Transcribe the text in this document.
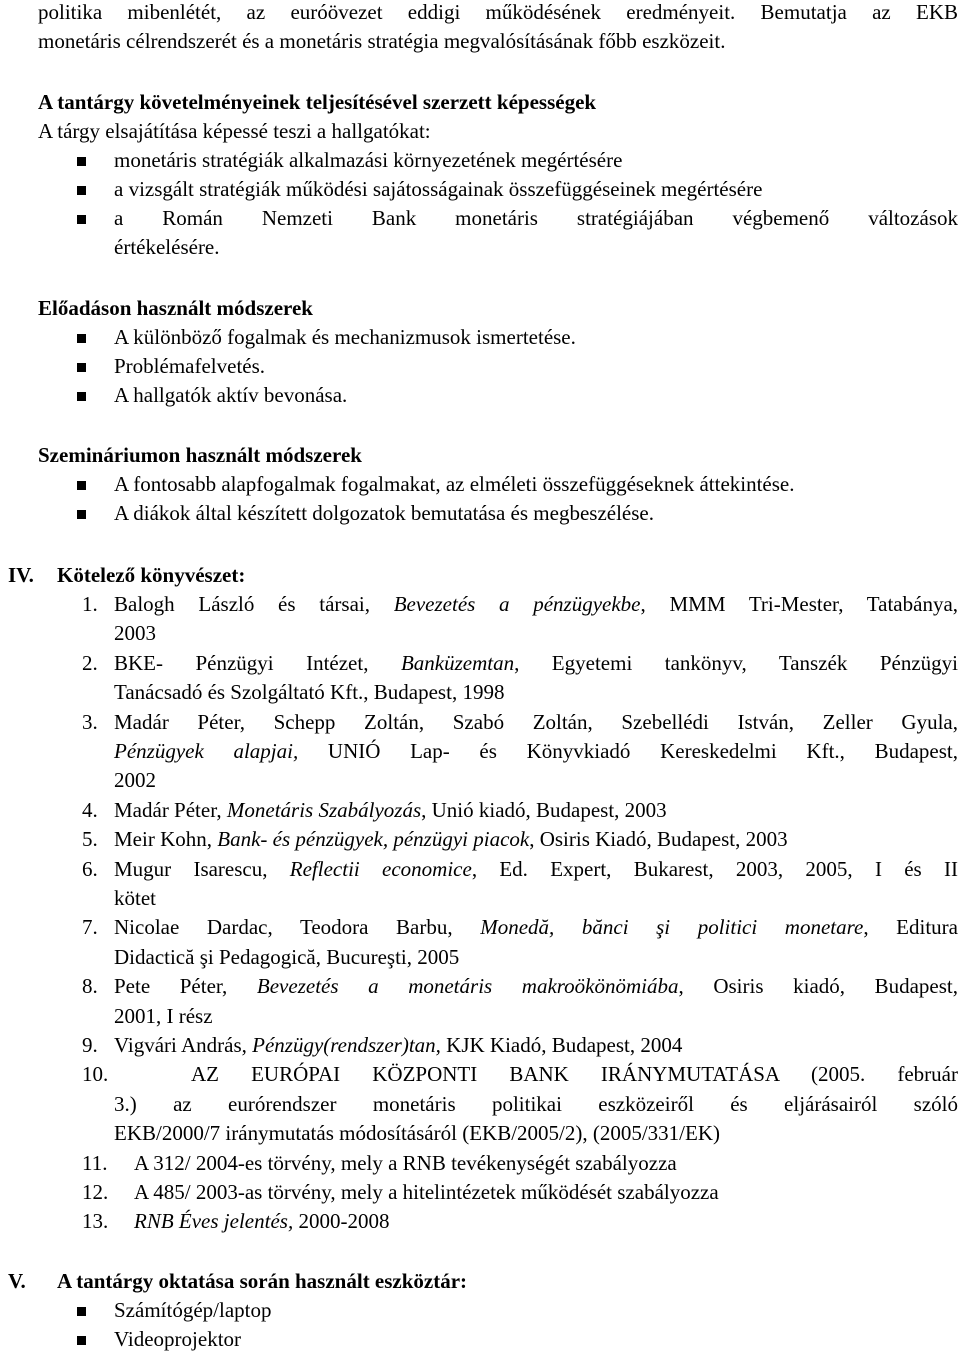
politika mibenlétét, az euróövezet eddigi működésének eredményeit. Bemutatja az EKB
monetáris célrendszerét és a monetáris stratégia megvalósításának főbb eszközeit.
A tantárgy követelményeinek teljesítésével szerzett képességek
A tárgy elsajátítása képessé teszi a hallgatókat:
monetáris stratégiák alkalmazási környezetének megértésére
a vizsgált stratégiák működési sajátosságainak összefüggéseinek megértésére
a Román Nemzeti Bank monetáris stratégiájában végbemenő változások
értékelésére.
Előadáson használt módszerek
A különböző fogalmak és mechanizmusok ismertetése.
Problémafelvetés.
A hallgatók aktív bevonása.
Szemináriumon használt módszerek
A fontosabb alapfogalmak fogalmakat, az elméleti összefüggéseknek áttekintése.
A diákok által készített dolgozatok bemutatása és megbeszélése.
IV. Kötelező könyvészet:
1. Balogh László és társai, Bevezetés a pénzügyekbe, MMM Tri-Mester, Tatabánya,
2003
2. BKE- Pénzügyi Intézet, Banküzemtan, Egyetemi tankönyv, Tanszék Pénzügyi
Tanácsadó és Szolgáltató Kft., Budapest, 1998
3. Madár Péter, Schepp Zoltán, Szabó Zoltán, Szebellédi István, Zeller Gyula,
Pénzügyek alapjai, UNIÓ Lap- és Könyvkiadó Kereskedelmi Kft., Budapest,
2002
4. Madár Péter, Monetáris Szabályozás, Unió kiadó, Budapest, 2003
5. Meir Kohn, Bank- és pénzügyek, pénzügyi piacok, Osiris Kiadó, Budapest, 2003
6. Mugur Isarescu, Reflectii economice, Ed. Expert, Bukarest, 2003, 2005, I és II
kötet
7. Nicolae Dardac, Teodora Barbu, Monedă, bănci şi politici monetare, Editura
Didactică şi Pedagogică, Bucureşti, 2005
8. Pete Péter, Bevezetés a monetáris makroökönömiába, Osiris kiadó, Budapest,
2001, I rész
9. Vigvári András, Pénzügy(rendszer)tan, KJK Kiadó, Budapest, 2004
10.	AZ EURÓPAI KÖZPONTI BANK IRÁNYMUTATÁSA (2005. február
3.) az eurórendszer monetáris politikai eszközeiről és eljárásairól szóló
EKB/2000/7 iránymutatás módosításáról (EKB/2005/2), (2005/331/EK)
11. A 312/ 2004-es törvény, mely a RNB tevékenységét szabályozza
12. A 485/ 2003-as törvény, mely a hitelintézetek működését szabályozza
13. RNB Éves jelentés, 2000-2008
V. A tantárgy oktatása során használt eszköztár:
Számítógép/laptop
Videoprojektor
